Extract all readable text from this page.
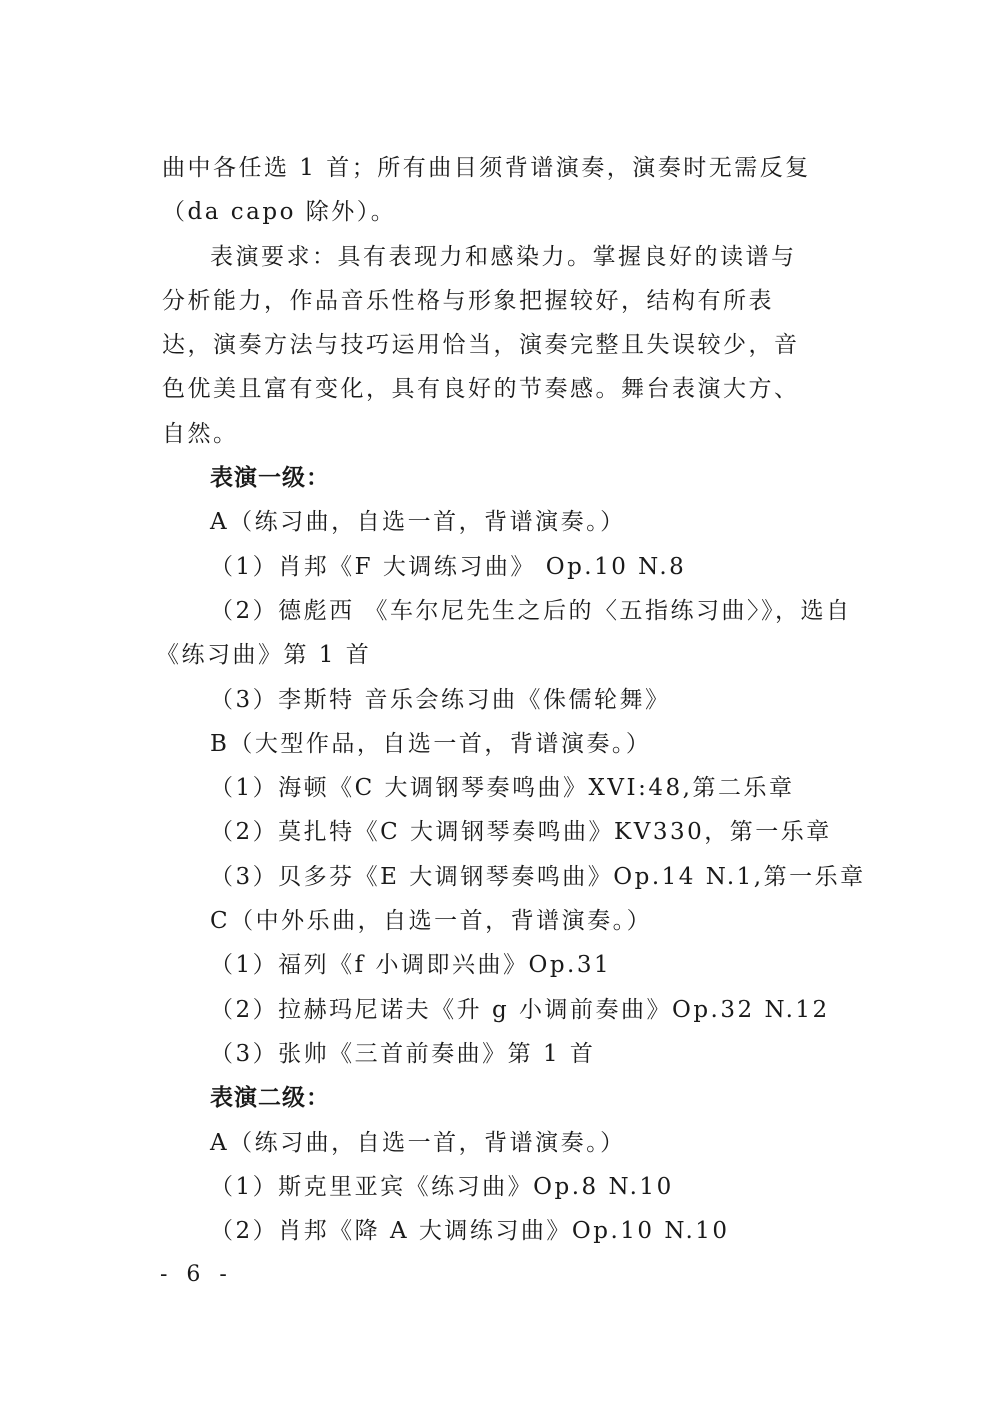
曲中各任选 1 首；所有曲目须背谱演奏，演奏时无需反复
（da capo 除外）。
表演要求：具有表现力和感染力。掌握良好的读谱与
分析能力，作品音乐性格与形象把握较好，结构有所表
达，演奏方法与技巧运用恰当，演奏完整且失误较少，音
色优美且富有变化，具有良好的节奏感。舞台表演大方、
自然。
表演一级：
A（练习曲，自选一首，背谱演奏。）
（1）肖邦《F 大调练习曲》 Op.10 N.8
（2）德彪西 《车尔尼先生之后的〈五指练习曲〉》，选自
《练习曲》第 1 首
（3）李斯特 音乐会练习曲《侏儒轮舞》
B（大型作品，自选一首，背谱演奏。）
（1）海顿《C 大调钢琴奏鸣曲》XVI:48,第二乐章
（2）莫扎特《C 大调钢琴奏鸣曲》KV330，第一乐章
（3）贝多芬《E 大调钢琴奏鸣曲》Op.14 N.1,第一乐章
C（中外乐曲，自选一首，背谱演奏。）
（1）福列《f 小调即兴曲》Op.31
（2）拉赫玛尼诺夫《升 g 小调前奏曲》Op.32 N.12
（3）张帅《三首前奏曲》第 1 首
表演二级：
A（练习曲，自选一首，背谱演奏。）
（1）斯克里亚宾《练习曲》Op.8 N.10
（2）肖邦《降 A 大调练习曲》Op.10 N.10
- 6 -
